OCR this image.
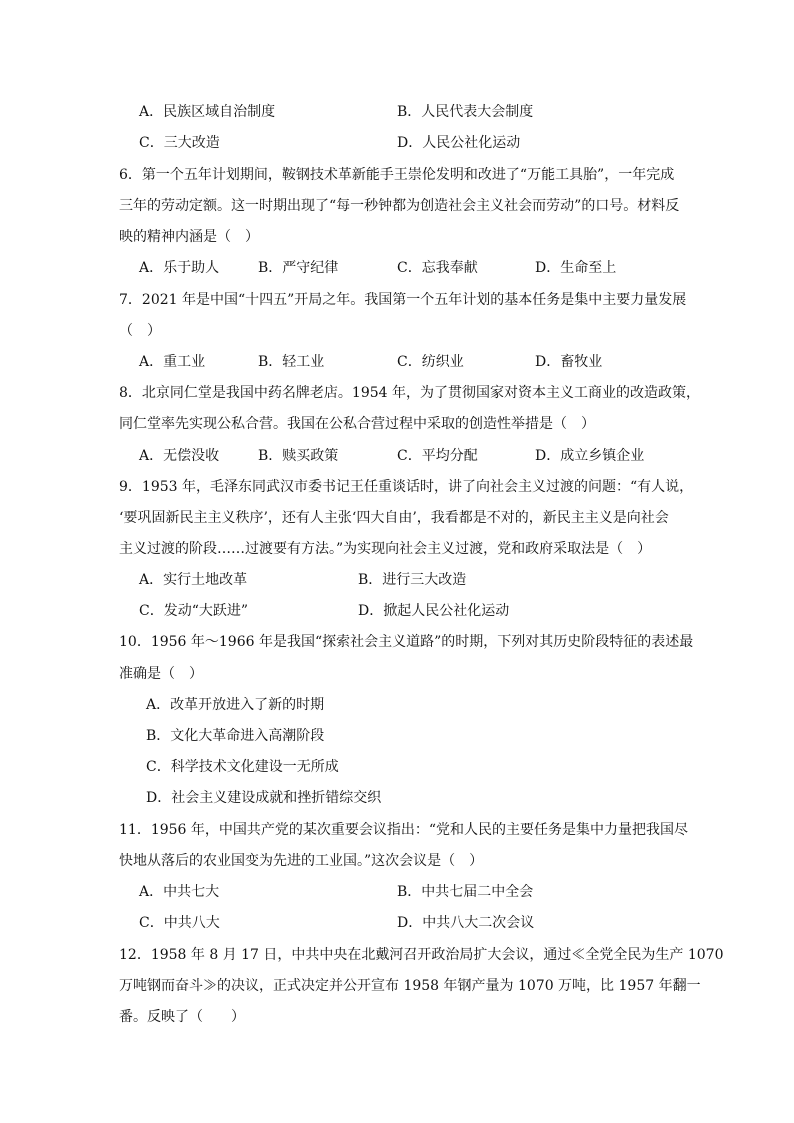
A．民族区域自治制度	B．人民代表大会制度
C．三大改造	D．人民公社化运动
6．第一个五年计划期间，鞍钢技术革新能手王崇伦发明和改进了“万能工具胎”，一年完成
三年的劳动定额。这一时期出现了“每一秒钟都为创造社会主义社会而劳动”的口号。材料反
映的精神内涵是（　）
A．乐于助人	B．严守纪律	C．忘我奉献	D．生命至上
7．2021 年是中国“十四五”开局之年。我国第一个五年计划的基本任务是集中主要力量发展
（　）
A．重工业	B．轻工业	C．纺织业	D．畜牧业
8．北京同仁堂是我国中药名牌老店。1954 年，为了贯彻国家对资本主义工商业的改造政策，
同仁堂率先实现公私合营。我国在公私合营过程中采取的创造性举措是（　）
A．无偿没收	B．赎买政策	C．平均分配	D．成立乡镇企业
9．1953 年，毛泽东同武汉市委书记王任重谈话时，讲了向社会主义过渡的问题：“有人说，
‘要巩固新民主主义秩序’，还有人主张‘四大自由’，我看都是不对的，新民主主义是向社会
主义过渡的阶段……过渡要有方法。”为实现向社会主义过渡，党和政府采取法是（　）
A．实行土地改革	B．进行三大改造
C．发动“大跃进”	D．掀起人民公社化运动
10．1956 年～1966 年是我国“探索社会主义道路”的时期，下列对其历史阶段特征的表述最
准确是（　）
A．改革开放进入了新的时期
B．文化大革命进入高潮阶段
C．科学技术文化建设一无所成
D．社会主义建设成就和挫折错综交织
11．1956 年，中国共产党的某次重要会议指出：“党和人民的主要任务是集中力量把我国尽
快地从落后的农业国变为先进的工业国。”这次会议是（　）
A．中共七大	B．中共七届二中全会
C．中共八大	D．中共八大二次会议
12．1958 年 8 月 17 日，中共中央在北戴河召开政治局扩大会议，通过≪全党全民为生产 1070
万吨钢而奋斗≫的决议，正式决定并公开宣布 1958 年钢产量为 1070 万吨，比 1957 年翻一
番。反映了（　　）
